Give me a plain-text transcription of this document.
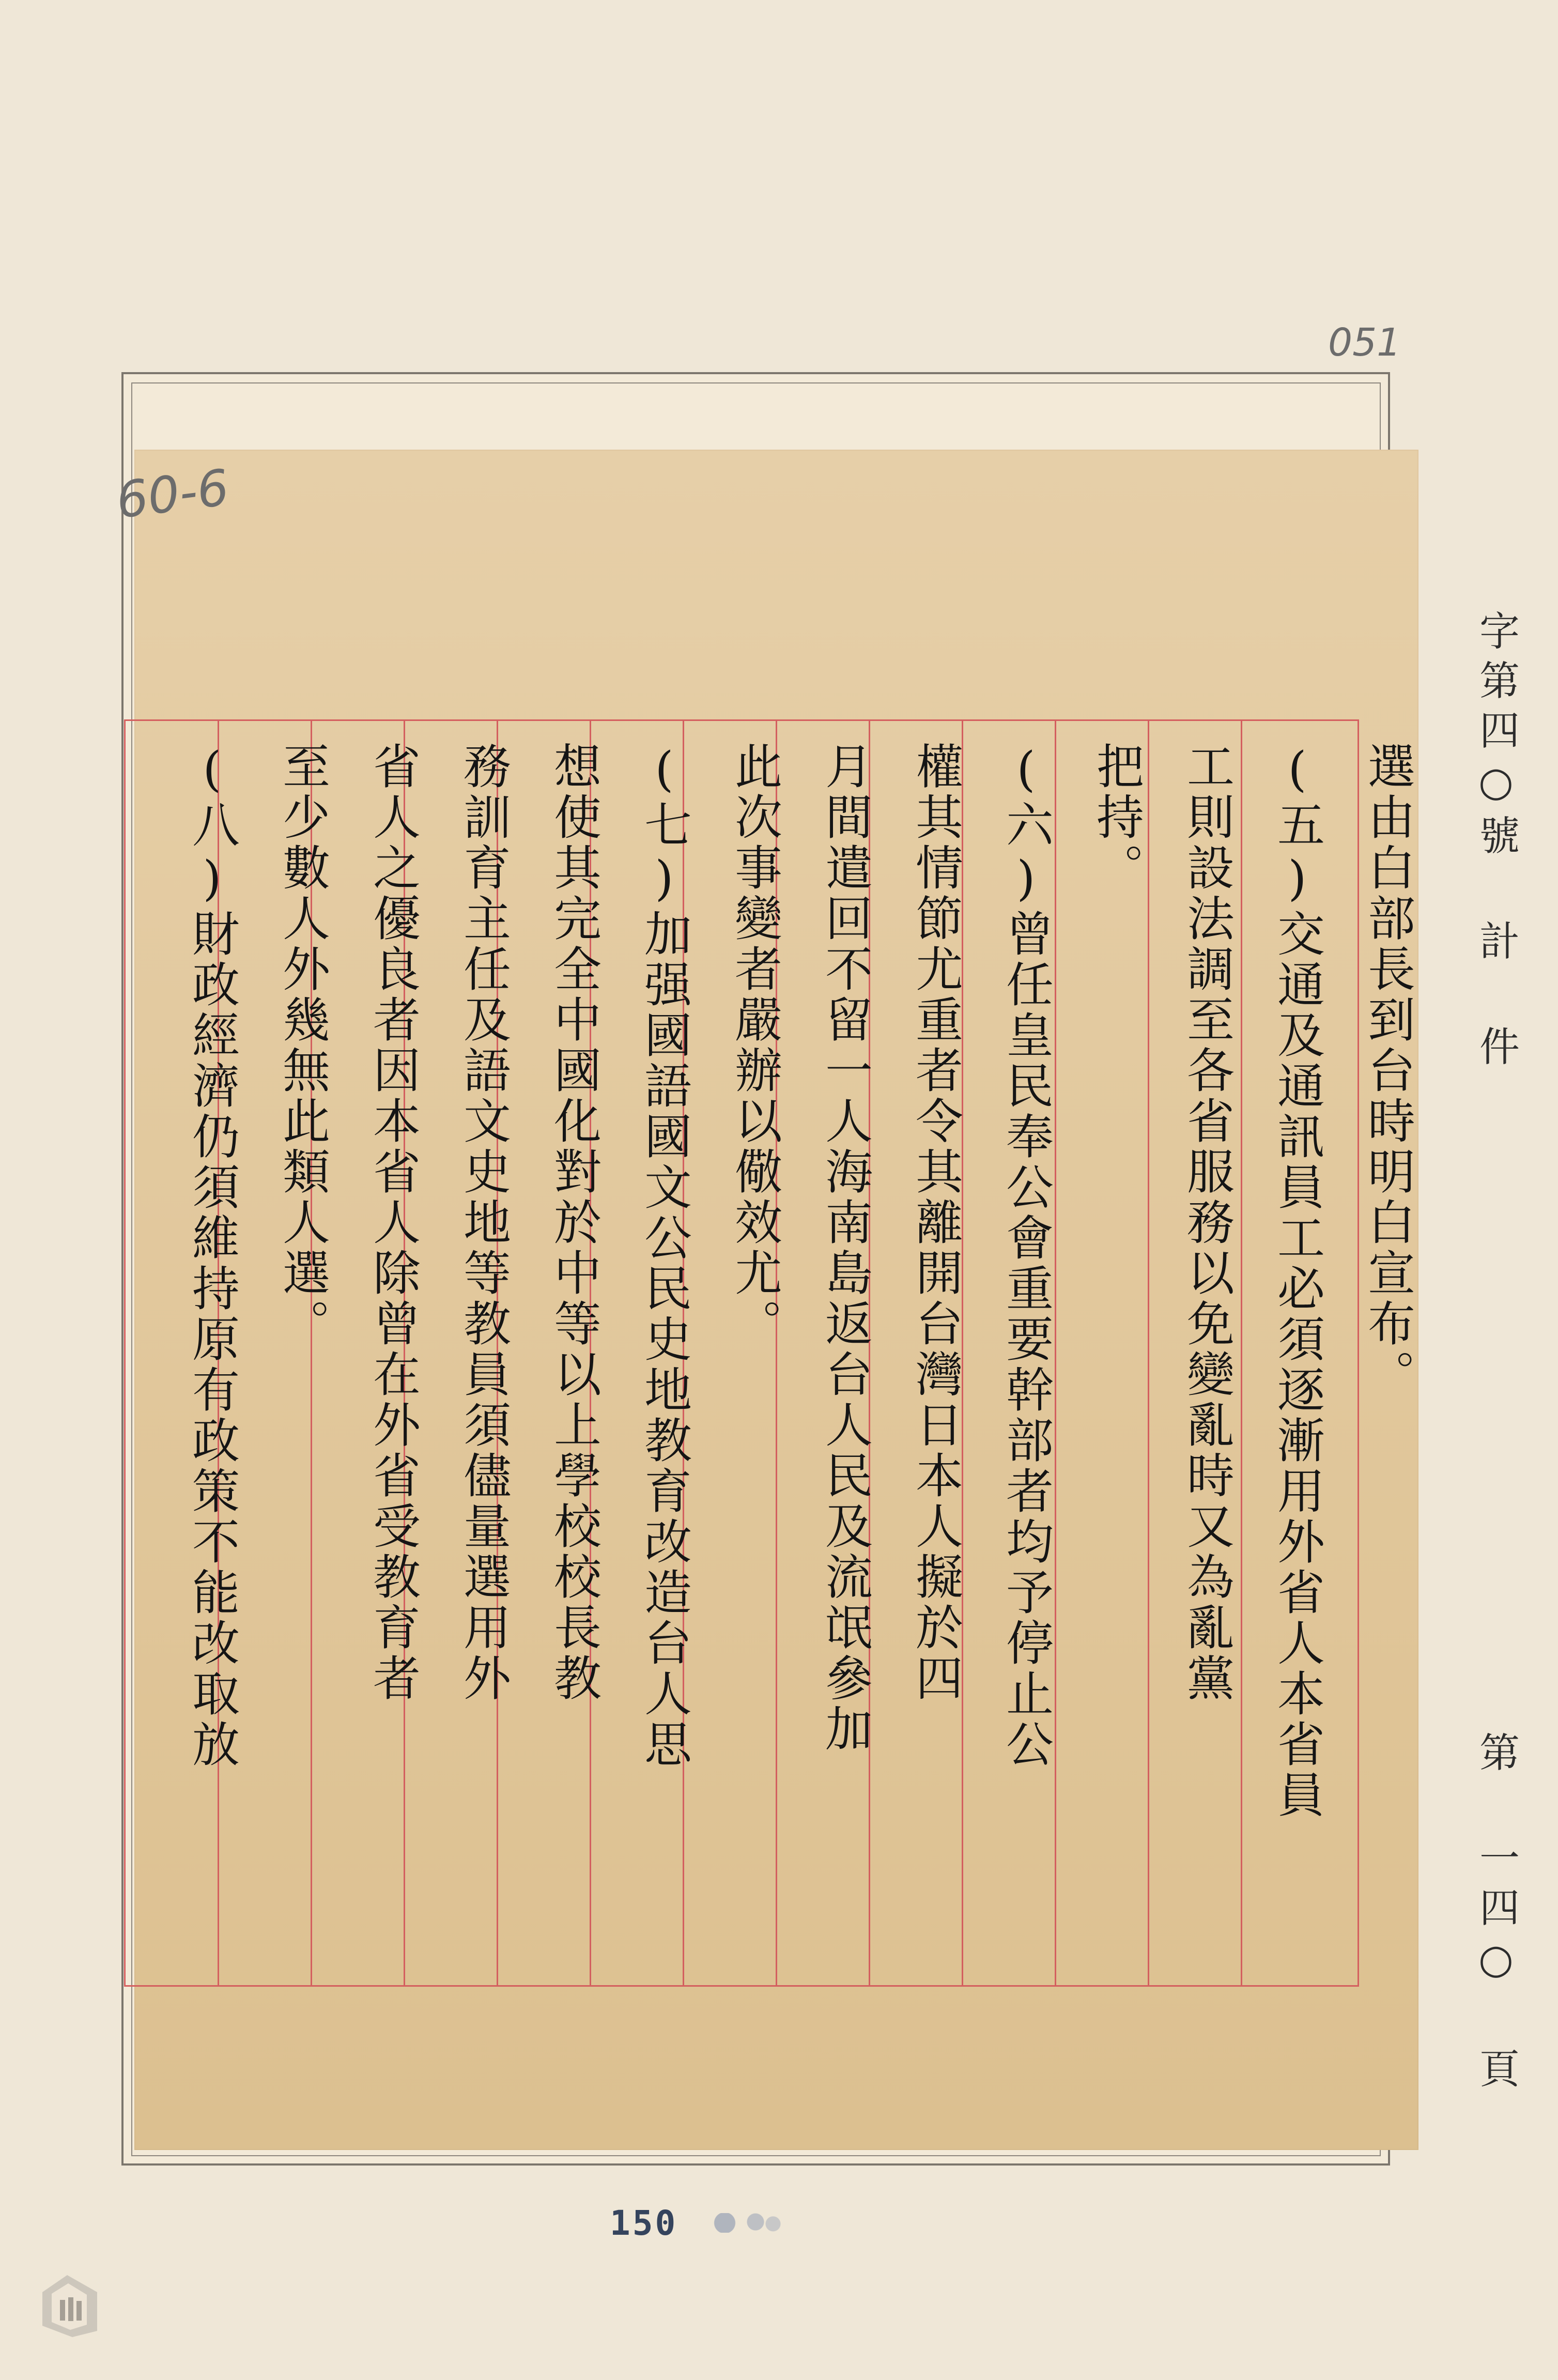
選由白部長到台時明白宣布。
(五)交通及通訊員工必須逐漸用外省人本省員
工則設法調至各省服務以免變亂時又為亂黨
把持。
(六)曾任皇民奉公會重要幹部者均予停止公
權其情節尤重者令其離開台灣日本人擬於四
月間遣回不留一人海南島返台人民及流氓參加
此次事變者嚴辦以儆效尤。
(七)加强國語國文公民史地教育改造台人思
想使其完全中國化對於中等以上學校校長教
務訓育主任及語文史地等教員須儘量選用外
省人之優良者因本省人除曾在外省受教育者
至少數人外幾無此類人選。
(八)財政經濟仍須維持原有政策不能改取放	字第四○號 計 件
第 一四○ 頁
051
60-6
150
